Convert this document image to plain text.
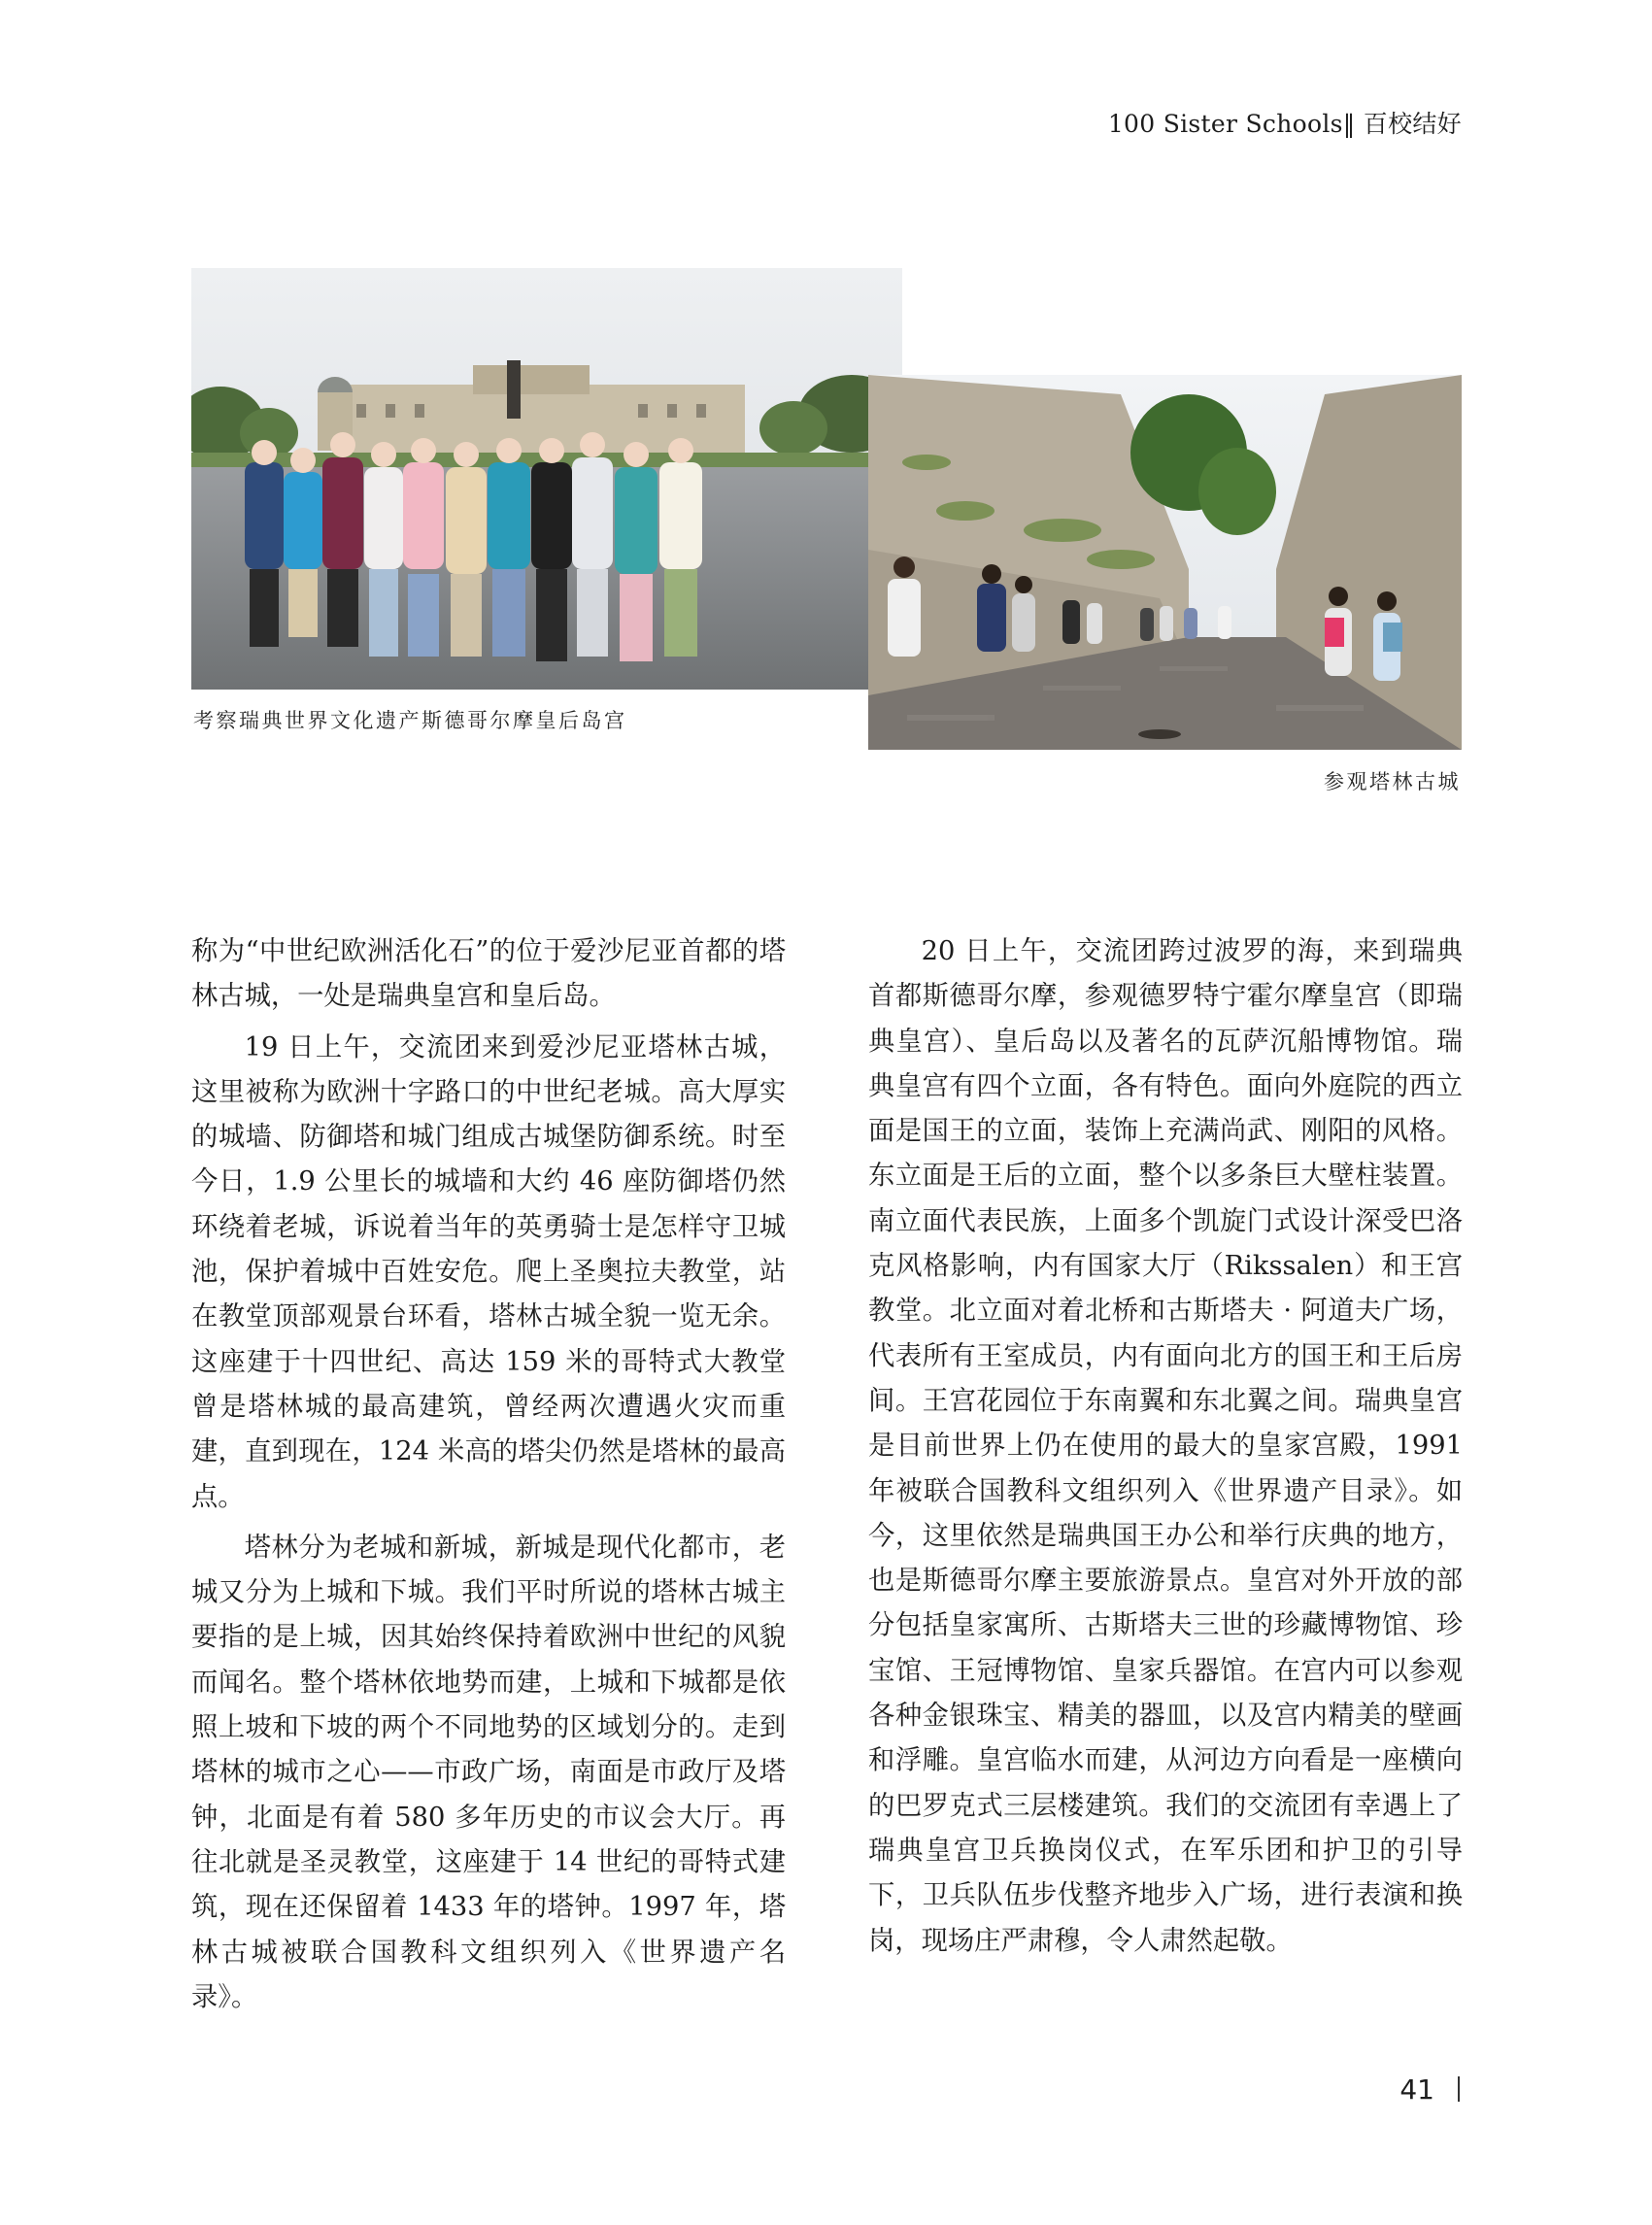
100 Sister Schools‖ 百校结好
考察瑞典世界文化遗产斯德哥尔摩皇后岛宫
参观塔林古城

称为“中世纪欧洲活化石”的位于爱沙尼亚首都的塔林古城，一处是瑞典皇宫和皇后岛。

19 日上午，交流团来到爱沙尼亚塔林古城，这里被称为欧洲十字路口的中世纪老城。高大厚实的城墙、防御塔和城门组成古城堡防御系统。时至今日，1.9 公里长的城墙和大约 46 座防御塔仍然环绕着老城，诉说着当年的英勇骑士是怎样守卫城池，保护着城中百姓安危。爬上圣奥拉夫教堂，站在教堂顶部观景台环看，塔林古城全貌一览无余。这座建于十四世纪、高达 159 米的哥特式大教堂曾是塔林城的最高建筑，曾经两次遭遇火灾而重建，直到现在，124 米高的塔尖仍然是塔林的最高点。

塔林分为老城和新城，新城是现代化都市，老城又分为上城和下城。我们平时所说的塔林古城主要指的是上城，因其始终保持着欧洲中世纪的风貌而闻名。整个塔林依地势而建，上城和下城都是依照上坡和下坡的两个不同地势的区域划分的。走到塔林的城市之心——市政广场，南面是市政厅及塔钟，北面是有着 580 多年历史的市议会大厅。再往北就是圣灵教堂，这座建于 14 世纪的哥特式建筑，现在还保留着 1433 年的塔钟。1997 年，塔林古城被联合国教科文组织列入《世界遗产名录》。

20 日上午，交流团跨过波罗的海，来到瑞典首都斯德哥尔摩，参观德罗特宁霍尔摩皇宫（即瑞典皇宫）、皇后岛以及著名的瓦萨沉船博物馆。瑞典皇宫有四个立面，各有特色。面向外庭院的西立面是国王的立面，装饰上充满尚武、刚阳的风格。东立面是王后的立面，整个以多条巨大壁柱装置。南立面代表民族，上面多个凯旋门式设计深受巴洛克风格影响，内有国家大厅（Rikssalen）和王宫教堂。北立面对着北桥和古斯塔夫 · 阿道夫广场，代表所有王室成员，内有面向北方的国王和王后房间。王宫花园位于东南翼和东北翼之间。瑞典皇宫是目前世界上仍在使用的最大的皇家宫殿，1991 年被联合国教科文组织列入《世界遗产目录》。如今，这里依然是瑞典国王办公和举行庆典的地方，也是斯德哥尔摩主要旅游景点。皇宫对外开放的部分包括皇家寓所、古斯塔夫三世的珍藏博物馆、珍宝馆、王冠博物馆、皇家兵器馆。在宫内可以参观各种金银珠宝、精美的器皿，以及宫内精美的壁画和浮雕。皇宫临水而建，从河边方向看是一座横向的巴罗克式三层楼建筑。我们的交流团有幸遇上了瑞典皇宫卫兵换岗仪式，在军乐团和护卫的引导下，卫兵队伍步伐整齐地步入广场，进行表演和换岗，现场庄严肃穆，令人肃然起敬。

41
